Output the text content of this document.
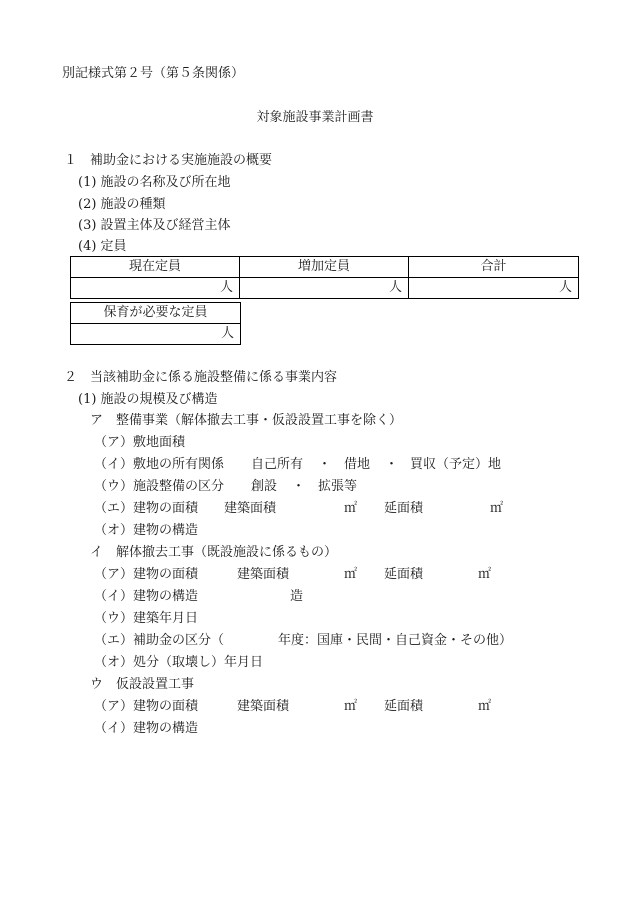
別記様式第２号（第５条関係）
対象施設事業計画書
１　補助金における実施施設の概要
(1) 施設の名称及び所在地
(2) 施設の種類
(3) 設置主体及び経営主体
(4) 定員
現在定員	増加定員	合計
人	人	人
保育が必要な定員
人
２　当該補助金に係る施設整備に係る事業内容
(1) 施設の規模及び構造
ア　整備事業（解体撤去工事・仮設設置工事を除く）
（ア）敷地面積
（イ）敷地の所有関係 自己所有 ・ 借地 ・ 買収（予定）地
（ウ）施設整備の区分 創設 ・ 拡張等
（エ）建物の面積 建築面積	㎡ 延面積	㎡
（オ）建物の構造
イ　解体撤去工事（既設施設に係るもの）
（ア）建物の面積	建築面積	㎡ 延面積	㎡
（イ）建物の構造	造
（ウ）建築年月日
（エ）補助金の区分（	年度：国庫・民間・自己資金・その他）
（オ）処分（取壊し）年月日
ウ　仮設設置工事
（ア）建物の面積	建築面積	㎡ 延面積	㎡
（イ）建物の構造
